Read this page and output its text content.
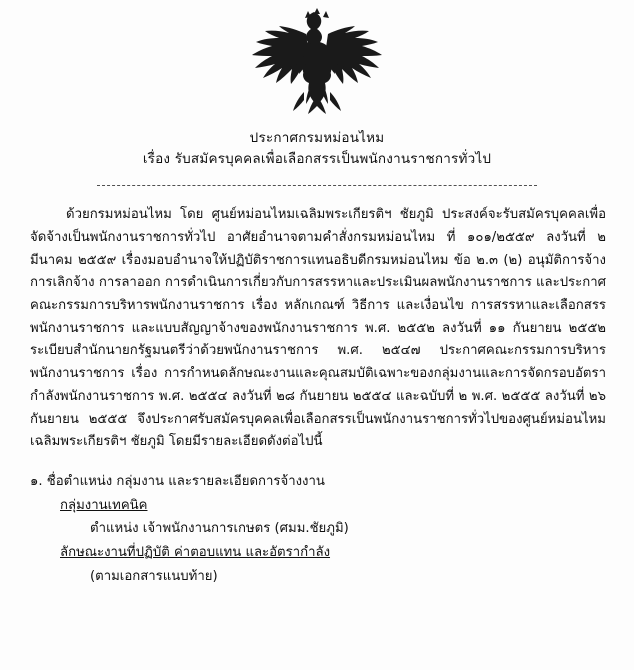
ประกาศกรมหม่อนไหม
เรื่อง รับสมัครบุคคลเพื่อเลือกสรรเป็นพนักงานราชการทั่วไป

ด้วยกรมหม่อนไหม โดย ศูนย์หม่อนไหมเฉลิมพระเกียรติฯ ชัยภูมิ ประสงค์จะรับสมัครบุคคลเพื่อจัดจ้างเป็นพนักงานราชการทั่วไป อาศัยอำนาจตามคำสั่งกรมหม่อนไหม ที่ ๑๐๑/๒๕๕๙ ลงวันที่ ๒ มีนาคม ๒๕๕๙ เรื่องมอบอำนาจให้ปฏิบัติราชการแทนอธิบดีกรมหม่อนไหม ข้อ ๒.๓ (๒) อนุมัติการจ้าง การเลิกจ้าง การลาออก การดำเนินการเกี่ยวกับการสรรหาและประเมินผลพนักงานราชการ และประกาศคณะกรรมการบริหารพนักงานราชการ เรื่อง หลักเกณฑ์ วิธีการ และเงื่อนไข การสรรหาและเลือกสรรพนักงานราชการ และแบบสัญญาจ้างของพนักงานราชการ พ.ศ. ๒๕๕๒ ลงวันที่ ๑๑ กันยายน ๒๕๕๒ ระเบียบสำนักนายกรัฐมนตรีว่าด้วยพนักงานราชการ พ.ศ. ๒๕๔๗ ประกาศคณะกรรมการบริหารพนักงานราชการ เรื่อง การกำหนดลักษณะงานและคุณสมบัติเฉพาะของกลุ่มงานและการจัดกรอบอัตรากำลังพนักงานราชการ พ.ศ. ๒๕๕๔ ลงวันที่ ๒๘ กันยายน ๒๕๕๔ และฉบับที่ ๒ พ.ศ. ๒๕๕๕ ลงวันที่ ๒๖ กันยายน ๒๕๕๕ จึงประกาศรับสมัครบุคคลเพื่อเลือกสรรเป็นพนักงานราชการทั่วไปของศูนย์หม่อนไหมเฉลิมพระเกียรติฯ ชัยภูมิ โดยมีรายละเอียดดังต่อไปนี้

๑. ชื่อตำแหน่ง กลุ่มงาน และรายละเอียดการจ้างงาน
กลุ่มงานเทคนิค
ตำแหน่ง เจ้าพนักงานการเกษตร (ศมม.ชัยภูมิ)
ลักษณะงานที่ปฏิบัติ ค่าตอบแทน และอัตรากำลัง
(ตามเอกสารแนบท้าย)
